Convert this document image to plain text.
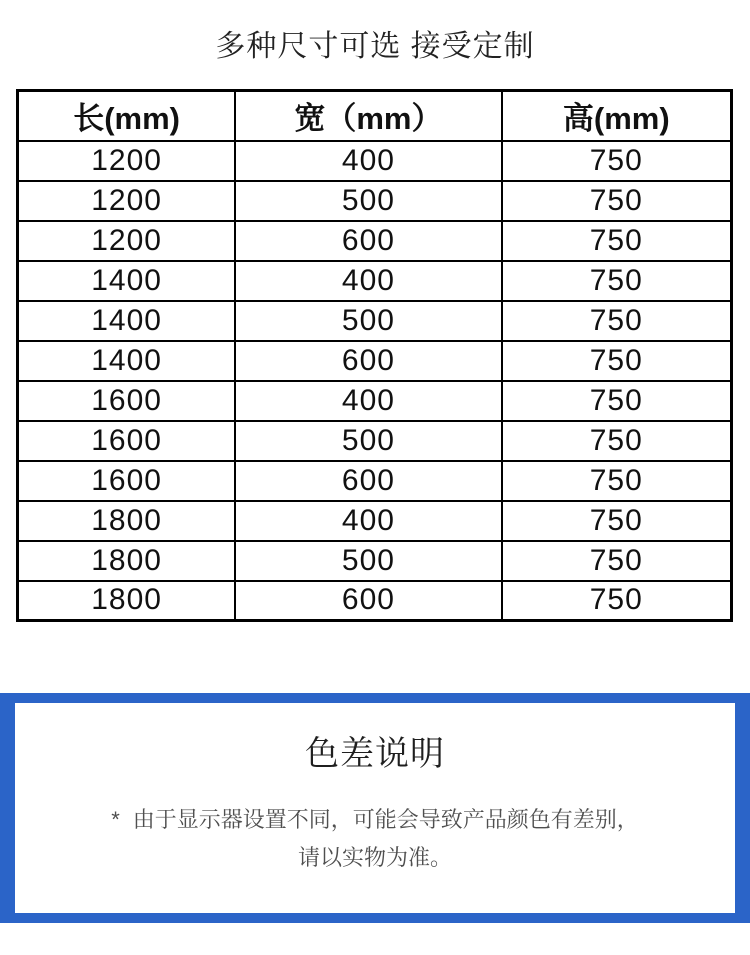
多种尺寸可选 接受定制
长(mm)	宽（mm）	高(mm)
1200	400	750
1200	500	750
1200	600	750
1400	400	750
1400	500	750
1400	600	750
1600	400	750
1600	500	750
1600	600	750
1800	400	750
1800	500	750
1800	600	750
色差说明

* 由于显示器设置不同，可能会导致产品颜色有差别，
请以实物为准。
